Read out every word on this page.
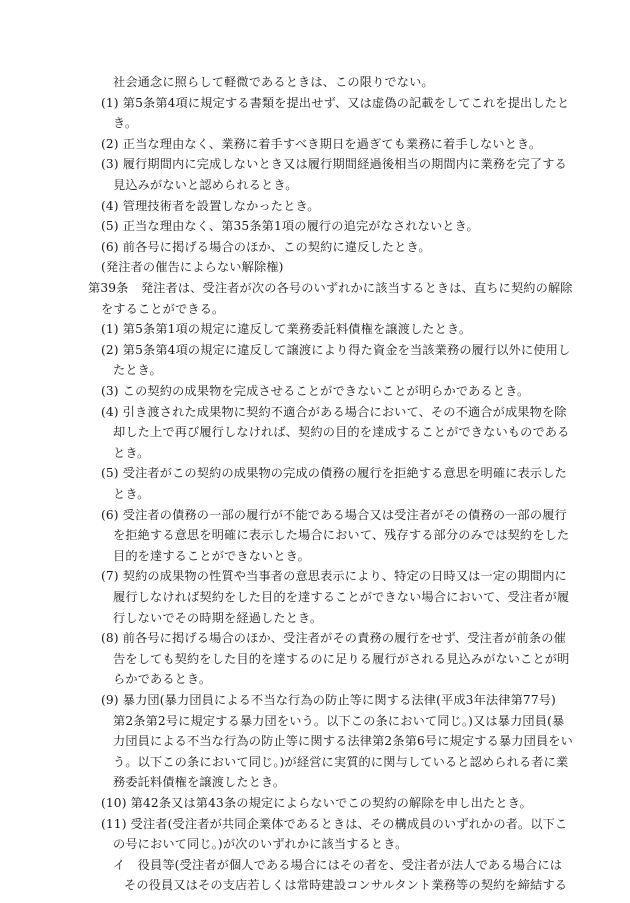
社会通念に照らして軽微であるときは、この限りでない。
(1) 第5条第4項に規定する書類を提出せず、又は虚偽の記載をしてこれを提出したと
き。
(2) 正当な理由なく、業務に着手すべき期日を過ぎても業務に着手しないとき。
(3) 履行期間内に完成しないとき又は履行期間経過後相当の期間内に業務を完了する
見込みがないと認められるとき。
(4) 管理技術者を設置しなかったとき。
(5) 正当な理由なく、第35条第1項の履行の追完がなされないとき。
(6) 前各号に掲げる場合のほか、この契約に違反したとき。
(発注者の催告によらない解除権)
第39条　発注者は、受注者が次の各号のいずれかに該当するときは、直ちに契約の解除
をすることができる。
(1) 第5条第1項の規定に違反して業務委託料債権を譲渡したとき。
(2) 第5条第4項の規定に違反して譲渡により得た資金を当該業務の履行以外に使用し
たとき。
(3) この契約の成果物を完成させることができないことが明らかであるとき。
(4) 引き渡された成果物に契約不適合がある場合において、その不適合が成果物を除
却した上で再び履行しなければ、契約の目的を達成することができないものである
とき。
(5) 受注者がこの契約の成果物の完成の債務の履行を拒絶する意思を明確に表示した
とき。
(6) 受注者の債務の一部の履行が不能である場合又は受注者がその債務の一部の履行
を拒絶する意思を明確に表示した場合において、残存する部分のみでは契約をした
目的を達することができないとき。
(7) 契約の成果物の性質や当事者の意思表示により、特定の日時又は一定の期間内に
履行しなければ契約をした目的を達することができない場合において、受注者が履
行しないでその時期を経過したとき。
(8) 前各号に掲げる場合のほか、受注者がその責務の履行をせず、受注者が前条の催
告をしても契約をした目的を達するのに足りる履行がされる見込みがないことが明
らかであるとき。
(9) 暴力団(暴力団員による不当な行為の防止等に関する法律(平成3年法律第77号)
第2条第2号に規定する暴力団をいう。以下この条において同じ。)又は暴力団員(暴
力団員による不当な行為の防止等に関する法律第2条第6号に規定する暴力団員をい
う。以下この条において同じ。)が経営に実質的に関与していると認められる者に業
務委託料債権を譲渡したとき。
(10) 第42条又は第43条の規定によらないでこの契約の解除を申し出たとき。
(11) 受注者(受注者が共同企業体であるときは、その構成員のいずれかの者。以下こ
の号において同じ。)が次のいずれかに該当するとき。
イ　役員等(受注者が個人である場合にはその者を、受注者が法人である場合には
その役員又はその支店若しくは常時建設コンサルタント業務等の契約を締結する
